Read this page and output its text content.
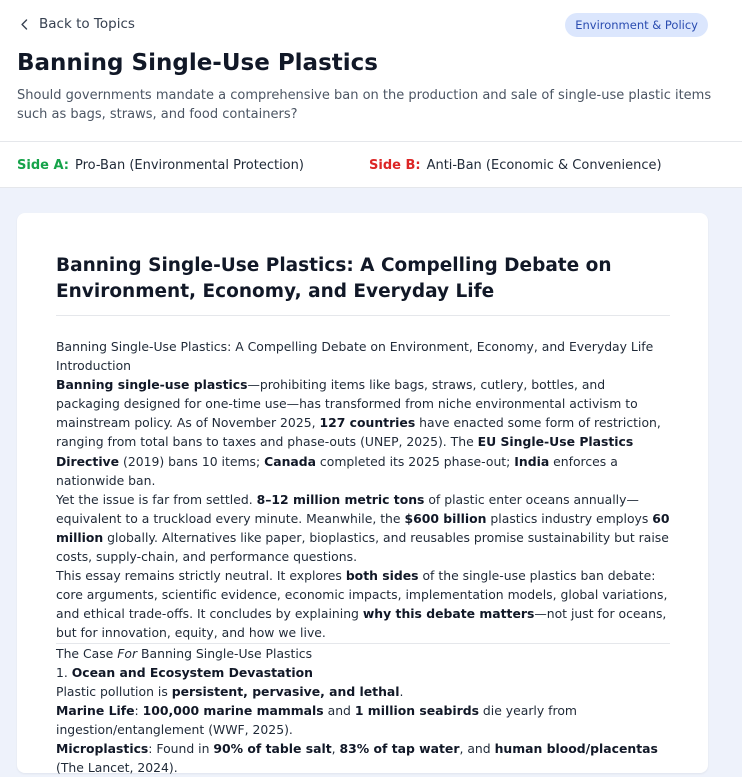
Back to Topics	Environment & Policy
Banning Single-Use Plastics

Should governments mandate a comprehensive ban on the production and sale of single-use plastic items such as bags, straws, and food containers?

Side A: Pro-Ban (Environmental Protection)	Side B: Anti-Ban (Economic & Convenience)
Banning Single-Use Plastics: A Compelling Debate on Environment, Economy, and Everyday Life

Banning Single-Use Plastics: A Compelling Debate on Environment, Economy, and Everyday Life

Introduction

Banning single-use plastics—prohibiting items like bags, straws, cutlery, bottles, and packaging designed for one-time use—has transformed from niche environmental activism to mainstream policy. As of November 2025, 127 countries have enacted some form of restriction, ranging from total bans to taxes and phase-outs (UNEP, 2025). The EU Single-Use Plastics Directive (2019) bans 10 items; Canada completed its 2025 phase-out; India enforces a nationwide ban.

Yet the issue is far from settled. 8–12 million metric tons of plastic enter oceans annually—equivalent to a truckload every minute. Meanwhile, the $600 billion plastics industry employs 60 million globally. Alternatives like paper, bioplastics, and reusables promise sustainability but raise costs, supply-chain, and performance questions.

This essay remains strictly neutral. It explores both sides of the single-use plastics ban debate: core arguments, scientific evidence, economic impacts, implementation models, global variations, and ethical trade-offs. It concludes by explaining why this debate matters—not just for oceans, but for innovation, equity, and how we live.

The Case For Banning Single-Use Plastics

1. Ocean and Ecosystem Devastation

Plastic pollution is persistent, pervasive, and lethal.

Marine Life: 100,000 marine mammals and 1 million seabirds die yearly from ingestion/entanglement (WWF, 2025).

Microplastics: Found in 90% of table salt, 83% of tap water, and human blood/placentas (The Lancet, 2024).
